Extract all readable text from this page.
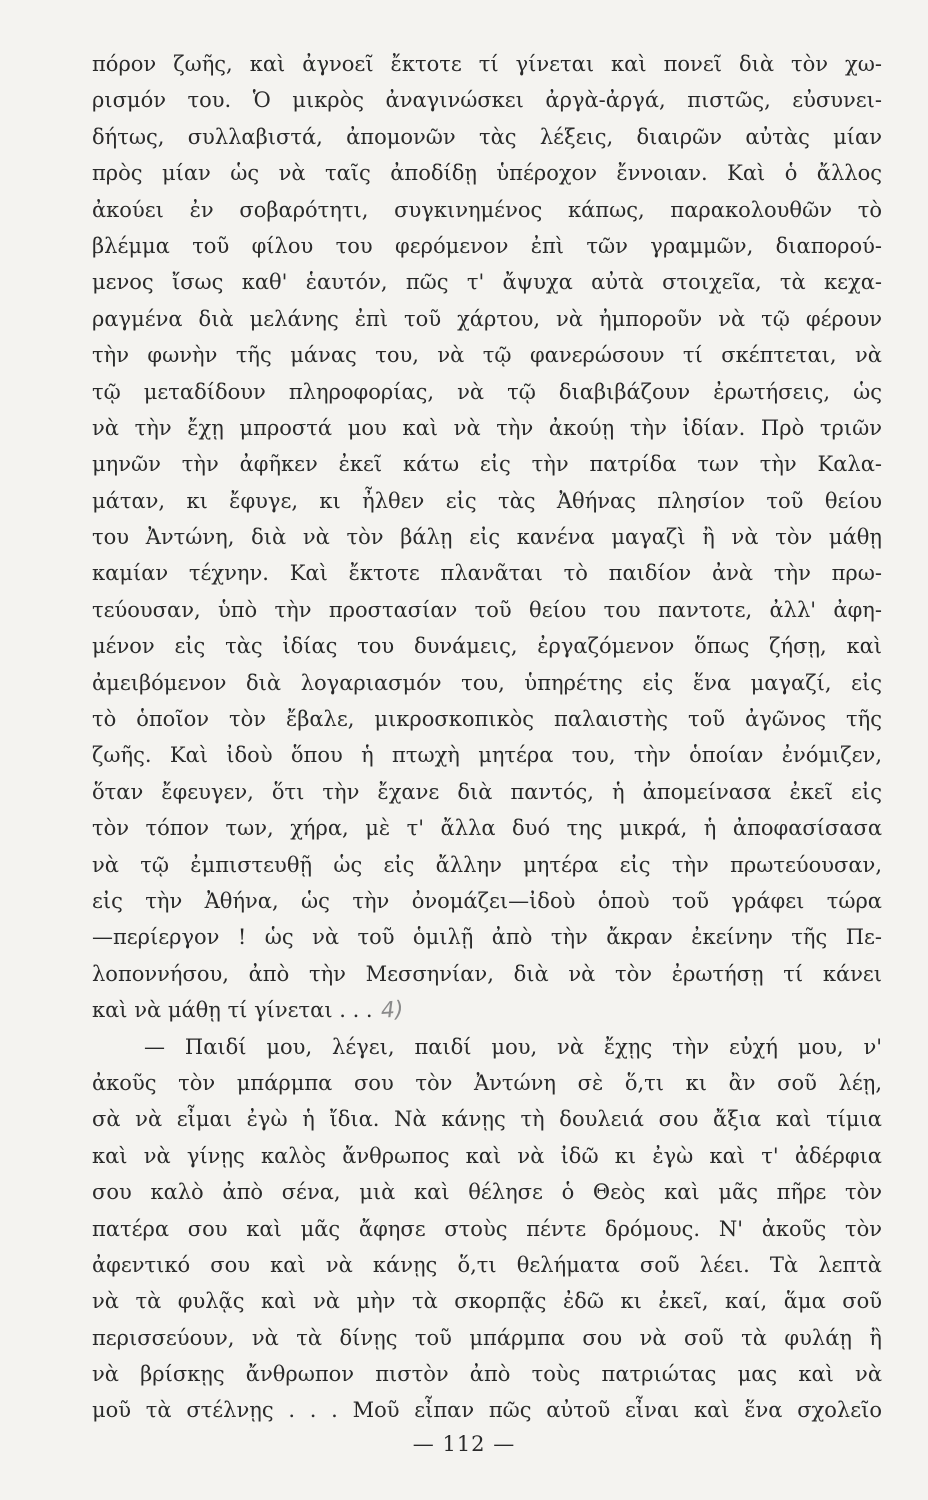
πόρον ζωῆς, καὶ ἀγνοεῖ ἔκτοτε τί γίνεται καὶ πονεῖ διὰ τὸν χω-
ρισμόν του. Ὁ μικρὸς ἀναγινώσκει ἀργὰ-ἀργά, πιστῶς, εὐσυνει-
δήτως, συλλαβιστά, ἀπομονῶν τὰς λέξεις, διαιρῶν αὐτὰς μίαν
πρὸς μίαν ὡς νὰ ταῖς ἀποδίδῃ ὑπέροχον ἔννοιαν. Καὶ ὁ ἄλλος
ἀκούει ἐν σοβαρότητι, συγκινημένος κάπως, παρακολουθῶν τὸ
βλέμμα τοῦ φίλου του φερόμενον ἐπὶ τῶν γραμμῶν, διαπορού-
μενος ἴσως καθ' ἑαυτόν, πῶς τ' ἄψυχα αὐτὰ στοιχεῖα, τὰ κεχα-
ραγμένα διὰ μελάνης ἐπὶ τοῦ χάρτου, νὰ ἠμποροῦν νὰ τῷ φέρουν
τὴν φωνὴν τῆς μάνας του, νὰ τῷ φανερώσουν τί σκέπτεται, νὰ
τῷ μεταδίδουν πληροφορίας, νὰ τῷ διαβιβάζουν ἐρωτήσεις, ὡς
νὰ τὴν ἔχῃ μπροστά μου καὶ νὰ τὴν ἀκούῃ τὴν ἰδίαν. Πρὸ τριῶν
μηνῶν τὴν ἀφῆκεν ἐκεῖ κάτω εἰς τὴν πατρίδα των τὴν Καλα-
μάταν, κι ἔφυγε, κι ἦλθεν εἰς τὰς Ἀθήνας πλησίον τοῦ θείου
του Ἀντώνη, διὰ νὰ τὸν βάλῃ εἰς κανένα μαγαζὶ ἢ νὰ τὸν μάθῃ
καμίαν τέχνην. Καὶ ἔκτοτε πλανᾶται τὸ παιδίον ἀνὰ τὴν πρω-
τεύουσαν, ὑπὸ τὴν προστασίαν τοῦ θείου του παντοτε, ἀλλ' ἀφη-
μένον εἰς τὰς ἰδίας του δυνάμεις, ἐργαζόμενον ὅπως ζήσῃ, καὶ
ἀμειβόμενον διὰ λογαριασμόν του, ὑπηρέτης εἰς ἕνα μαγαζί, εἰς
τὸ ὁποῖον τὸν ἔβαλε, μικροσκοπικὸς παλαιστὴς τοῦ ἀγῶνος τῆς
ζωῆς. Καὶ ἰδοὺ ὅπου ἡ πτωχὴ μητέρα του, τὴν ὁποίαν ἐνόμιζεν,
ὅταν ἔφευγεν, ὅτι τὴν ἔχανε διὰ παντός, ἡ ἀπομείνασα ἐκεῖ εἰς
τὸν τόπον των, χήρα, μὲ τ' ἄλλα δυό της μικρά, ἡ ἀποφασίσασα
νὰ τῷ ἐμπιστευθῇ ὡς εἰς ἄλλην μητέρα εἰς τὴν πρωτεύουσαν,
εἰς τὴν Ἀθήνα, ὡς τὴν ὀνομάζει—ἰδοὺ ὁποὺ τοῦ γράφει τώρα
—περίεργον ! ὡς νὰ τοῦ ὁμιλῇ ἀπὸ τὴν ἄκραν ἐκείνην τῆς Πε-
λοποννήσου, ἀπὸ τὴν Μεσσηνίαν, διὰ νὰ τὸν ἐρωτήσῃ τί κάνει
καὶ νὰ μάθῃ τί γίνεται . . . 4)
— Παιδί μου, λέγει, παιδί μου, νὰ ἔχῃς τὴν εὐχή μου, ν'
ἀκοῦς τὸν μπάρμπα σου τὸν Ἀντώνη σὲ ὅ,τι κι ἂν σοῦ λέῃ,
σὰ νὰ εἶμαι ἐγὼ ἡ ἴδια. Νὰ κάνῃς τὴ δουλειά σου ἄξια καὶ τίμια
καὶ νὰ γίνῃς καλὸς ἄνθρωπος καὶ νὰ ἰδῶ κι ἐγὼ καὶ τ' ἀδέρφια
σου καλὸ ἀπὸ σένα, μιὰ καὶ θέλησε ὁ Θεὸς καὶ μᾶς πῆρε τὸν
πατέρα σου καὶ μᾶς ἄφησε στοὺς πέντε δρόμους. Ν' ἀκοῦς τὸν
ἀφεντικό σου καὶ νὰ κάνῃς ὅ,τι θελήματα σοῦ λέει. Τὰ λεπτὰ
νὰ τὰ φυλᾷς καὶ νὰ μὴν τὰ σκορπᾷς ἐδῶ κι ἐκεῖ, καί, ἅμα σοῦ
περισσεύουν, νὰ τὰ δίνῃς τοῦ μπάρμπα σου νὰ σοῦ τὰ φυλάῃ ἢ
νὰ βρίσκῃς ἄνθρωπον πιστὸν ἀπὸ τοὺς πατριώτας μας καὶ νὰ
μοῦ τὰ στέλνῃς . . . Μοῦ εἶπαν πῶς αὐτοῦ εἶναι καὶ ἕνα σχολεῖο
— 112 —
